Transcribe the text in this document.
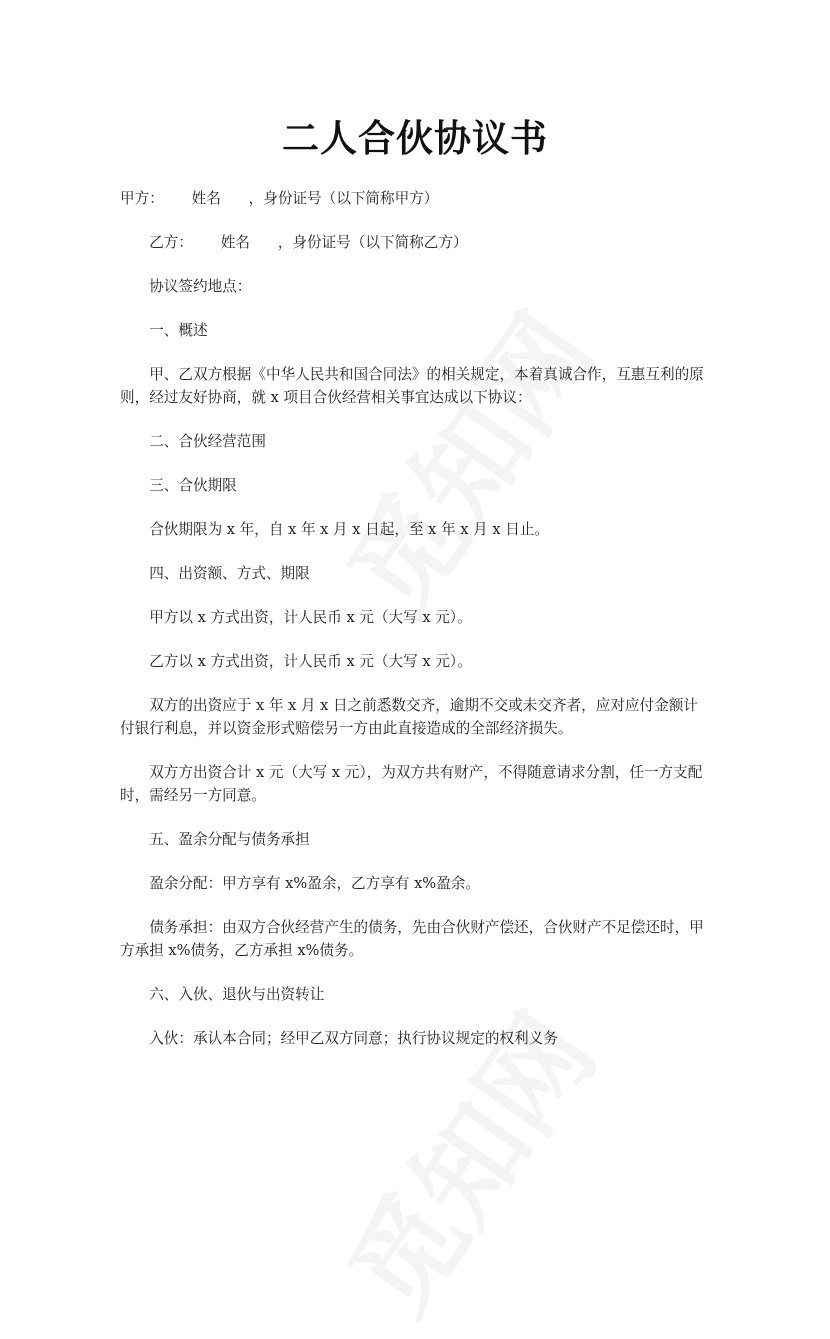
二人合伙协议书

甲方：      姓名      ，身份证号（以下简称甲方）

乙方：      姓名      ，身份证号（以下简称乙方）

协议签约地点：

一、概述

甲、乙双方根据《中华人民共和国合同法》的相关规定，本着真诚合作，互惠互利的原则，经过友好协商，就 x 项目合伙经营相关事宜达成以下协议：

二、合伙经营范围

三、合伙期限

合伙期限为 x 年，自 x 年 x 月 x 日起，至 x 年 x 月 x 日止。

四、出资额、方式、期限

甲方以 x 方式出资，计人民币 x 元（大写 x 元）。

乙方以 x 方式出资，计人民币 x 元（大写 x 元）。

双方的出资应于 x 年 x 月 x 日之前悉数交齐，逾期不交或未交齐者，应对应付金额计付银行利息，并以资金形式赔偿另一方由此直接造成的全部经济损失。

双方方出资合计 x 元（大写 x 元），为双方共有财产，不得随意请求分割，任一方支配时，需经另一方同意。

五、盈余分配与债务承担

盈余分配：甲方享有 x%盈余，乙方享有 x%盈余。

债务承担：由双方合伙经营产生的债务，先由合伙财产偿还，合伙财产不足偿还时，甲方承担 x%债务，乙方承担 x%债务。

六、入伙、退伙与出资转让

入伙：承认本合同；经甲乙双方同意；执行协议规定的权利义务
